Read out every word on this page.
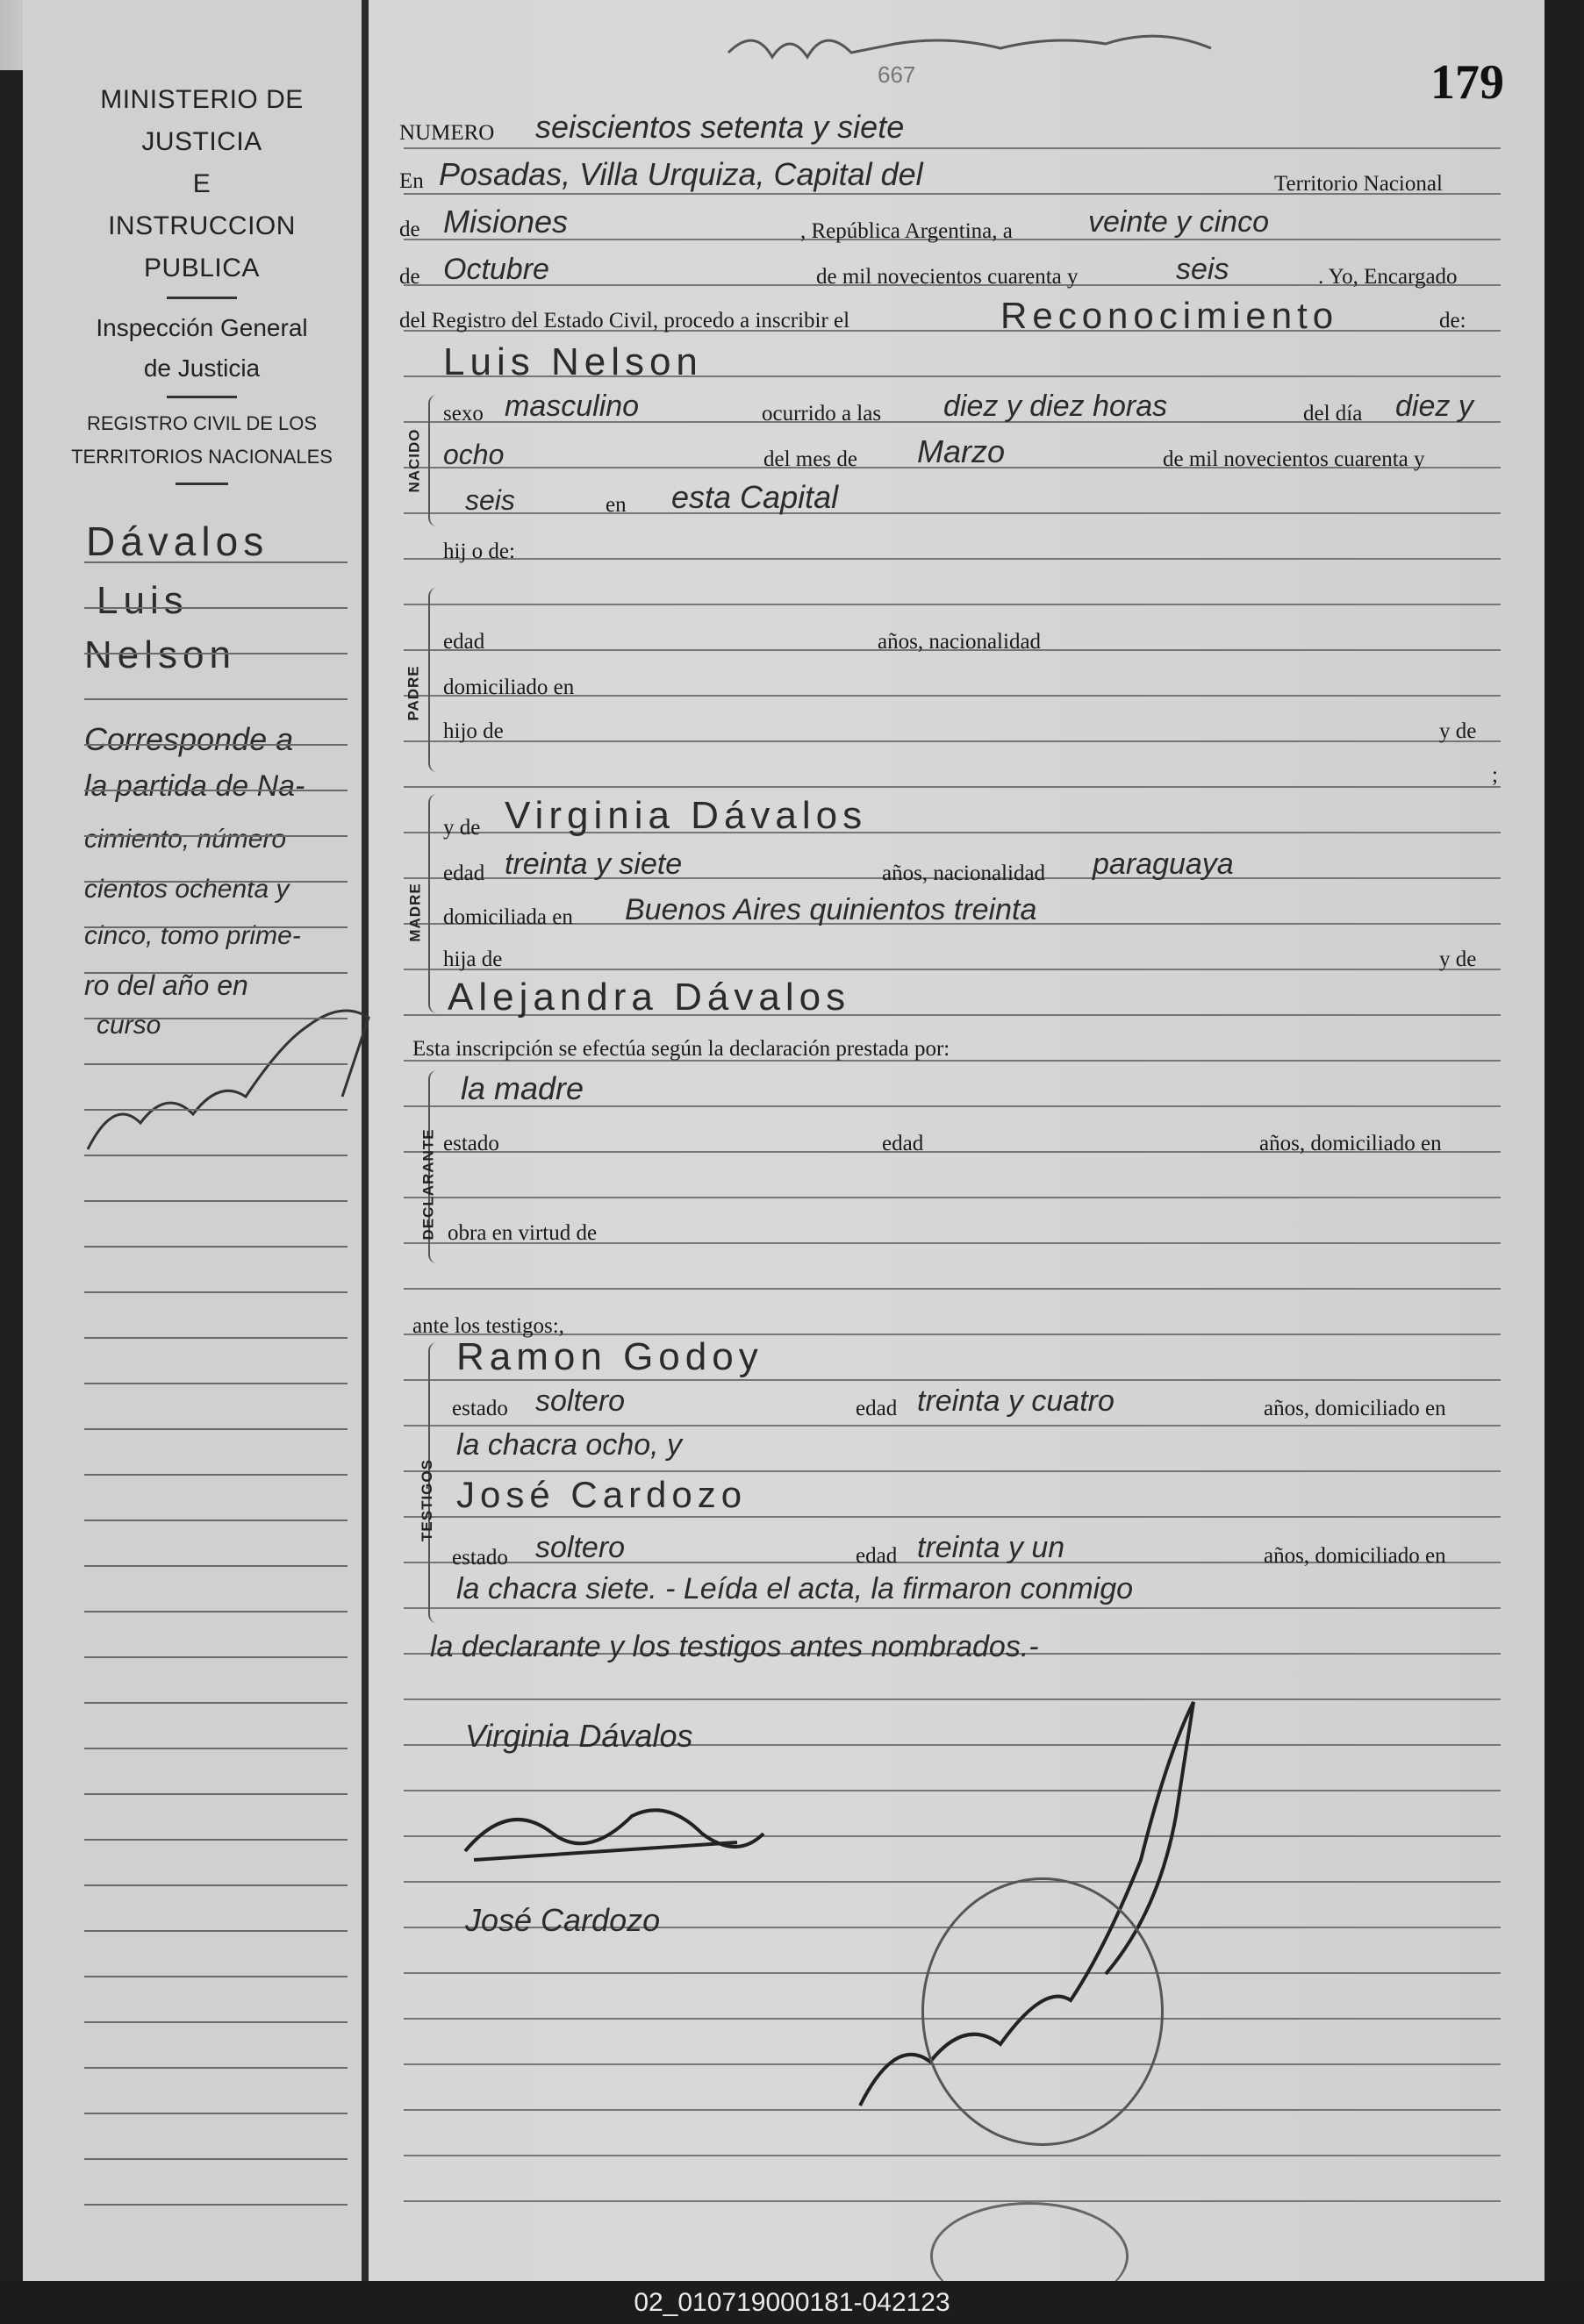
667	179
MINISTERIO DE JUSTICIA
E
INSTRUCCION PUBLICA
Inspección General
de Justicia
REGISTRO CIVIL DE LOS
TERRITORIOS NACIONALES
Dávalos
Luis
Nelson
Corresponde a
la partida de Na-
cimiento, número
cientos ochenta y
cinco, tomo prime-
ro del año en
curso
NUMERO seiscientos setenta y siete
En Posadas, Villa Urquiza, Capital del	Territorio Nacional
de Misiones	, República Argentina, a	veinte y cinco
de Octubre	de mil novecientos cuarenta y	seis	. Yo, Encargado
del Registro del Estado Civil, procedo a inscribir el	Reconocimiento	de:
Luis Nelson
NACIDO
sexo masculino	ocurrido a las diez y diez horas	del día diez y
ocho	del mes de Marzo	de mil novecientos cuarenta y
seis	en esta Capital
hij o de:
PADRE
edad	años, nacionalidad
domiciliado en
hijo de	y de
;
MADRE
y de Virginia Dávalos
edad treinta y siete	años, nacionalidad paraguaya
domiciliada en Buenos Aires quinientos treinta
hija de	y de
Alejandra Dávalos
Esta inscripción se efectúa según la declaración prestada por:
DECLARANTE
la madre
estado	edad	años, domiciliado en
obra en virtud de
ante los testigos:,
TESTIGOS
Ramon Godoy
estado soltero	edad treinta y cuatro	años, domiciliado en
la chacra ocho, y
José Cardozo
estado soltero	edad treinta y un	años, domiciliado en
la chacra siete. - Leída el acta, la firmaron conmigo
la declarante y los testigos antes nombrados.-
Virginia Dávalos
José Cardozo
02_010719000181-042123
